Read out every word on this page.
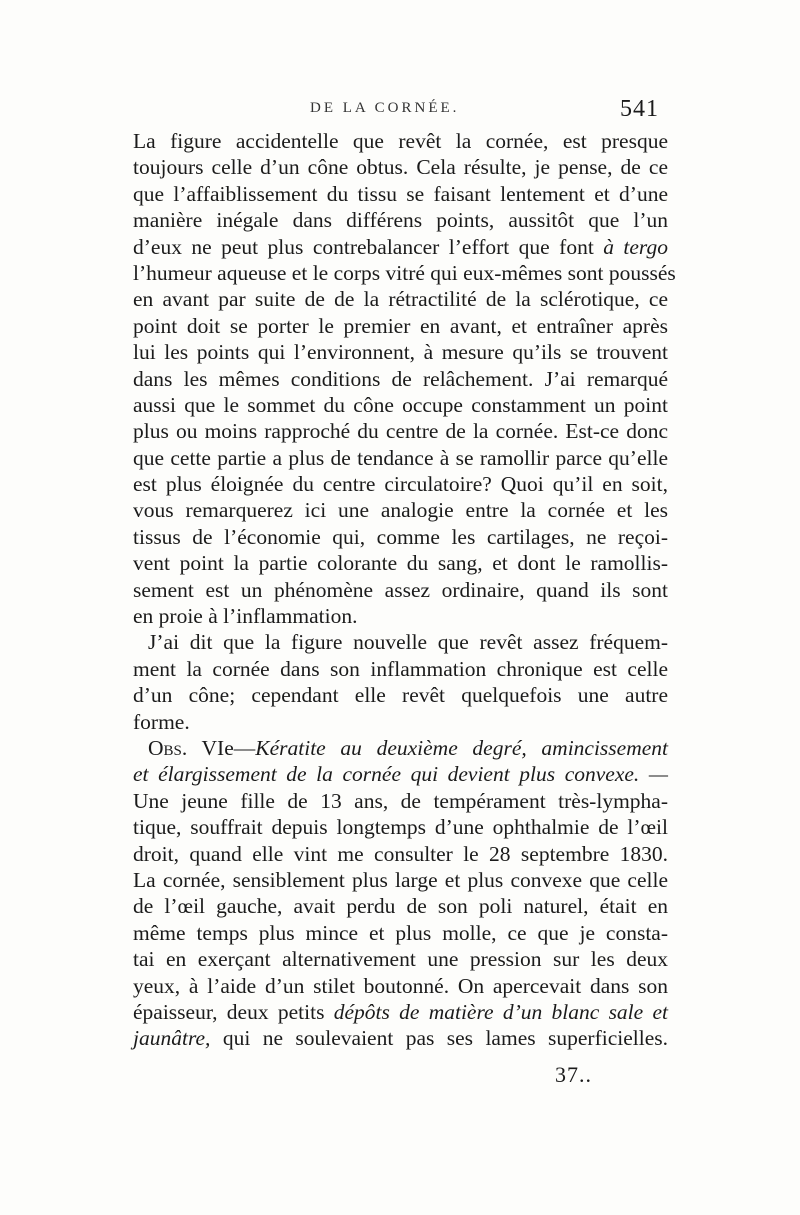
DE LA CORNÉE.	541
La figure accidentelle que revêt la cornée, est presque
toujours celle d’un cône obtus. Cela résulte, je pense, de ce
que l’affaiblissement du tissu se faisant lentement et d’une
manière inégale dans différens points, aussitôt que l’un
d’eux ne peut plus contrebalancer l’effort que font à tergo
l’humeur aqueuse et le corps vitré qui eux-mêmes sont poussés
en avant par suite de de la rétractilité de la sclérotique, ce
point doit se porter le premier en avant, et entraîner après
lui les points qui l’environnent, à mesure qu’ils se trouvent
dans les mêmes conditions de relâchement. J’ai remarqué
aussi que le sommet du cône occupe constamment un point
plus ou moins rapproché du centre de la cornée. Est-ce donc
que cette partie a plus de tendance à se ramollir parce qu’elle
est plus éloignée du centre circulatoire? Quoi qu’il en soit,
vous remarquerez ici une analogie entre la cornée et les
tissus de l’économie qui, comme les cartilages, ne reçoi-
vent point la partie colorante du sang, et dont le ramollis-
sement est un phénomène assez ordinaire, quand ils sont
en proie à l’inflammation.
J’ai dit que la figure nouvelle que revêt assez fréquem-
ment la cornée dans son inflammation chronique est celle
d’un cône; cependant elle revêt quelquefois une autre
forme.
Obs. VIe—Kératite au deuxième degré, amincissement
et élargissement de la cornée qui devient plus convexe. —
Une jeune fille de 13 ans, de tempérament très-lympha-
tique, souffrait depuis longtemps d’une ophthalmie de l’œil
droit, quand elle vint me consulter le 28 septembre 1830.
La cornée, sensiblement plus large et plus convexe que celle
de l’œil gauche, avait perdu de son poli naturel, était en
même temps plus mince et plus molle, ce que je consta-
tai en exerçant alternativement une pression sur les deux
yeux, à l’aide d’un stilet boutonné. On apercevait dans son
épaisseur, deux petits dépôts de matière d’un blanc sale et
jaunâtre, qui ne soulevaient pas ses lames superficielles.
37..
